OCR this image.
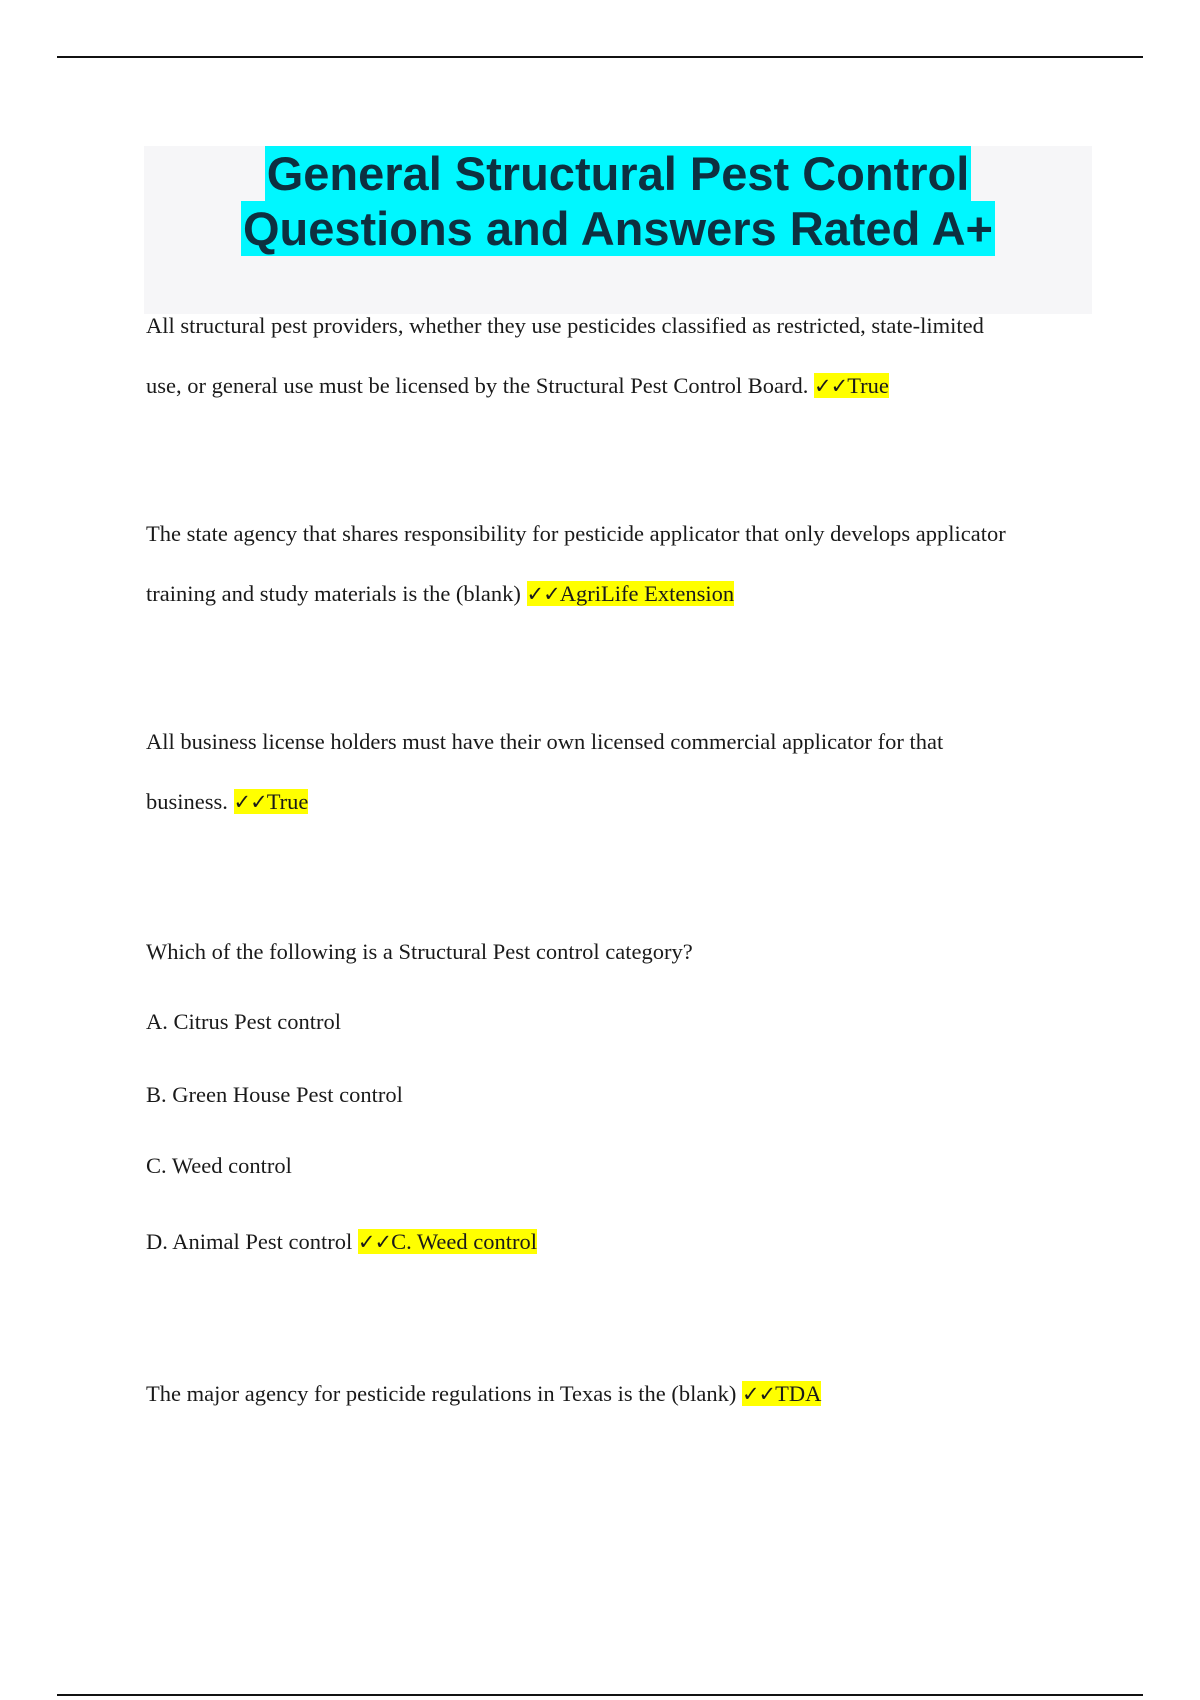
General Structural Pest Control
Questions and Answers Rated A+

All structural pest providers, whether they use pesticides classified as restricted, state-limited
use, or general use must be licensed by the Structural Pest Control Board. ✓✓True

The state agency that shares responsibility for pesticide applicator that only develops applicator
training and study materials is the (blank) ✓✓AgriLife Extension

All business license holders must have their own licensed commercial applicator for that
business. ✓✓True

Which of the following is a Structural Pest control category?

A. Citrus Pest control

B. Green House Pest control

C. Weed control

D. Animal Pest control ✓✓C. Weed control

The major agency for pesticide regulations in Texas is the (blank) ✓✓TDA
